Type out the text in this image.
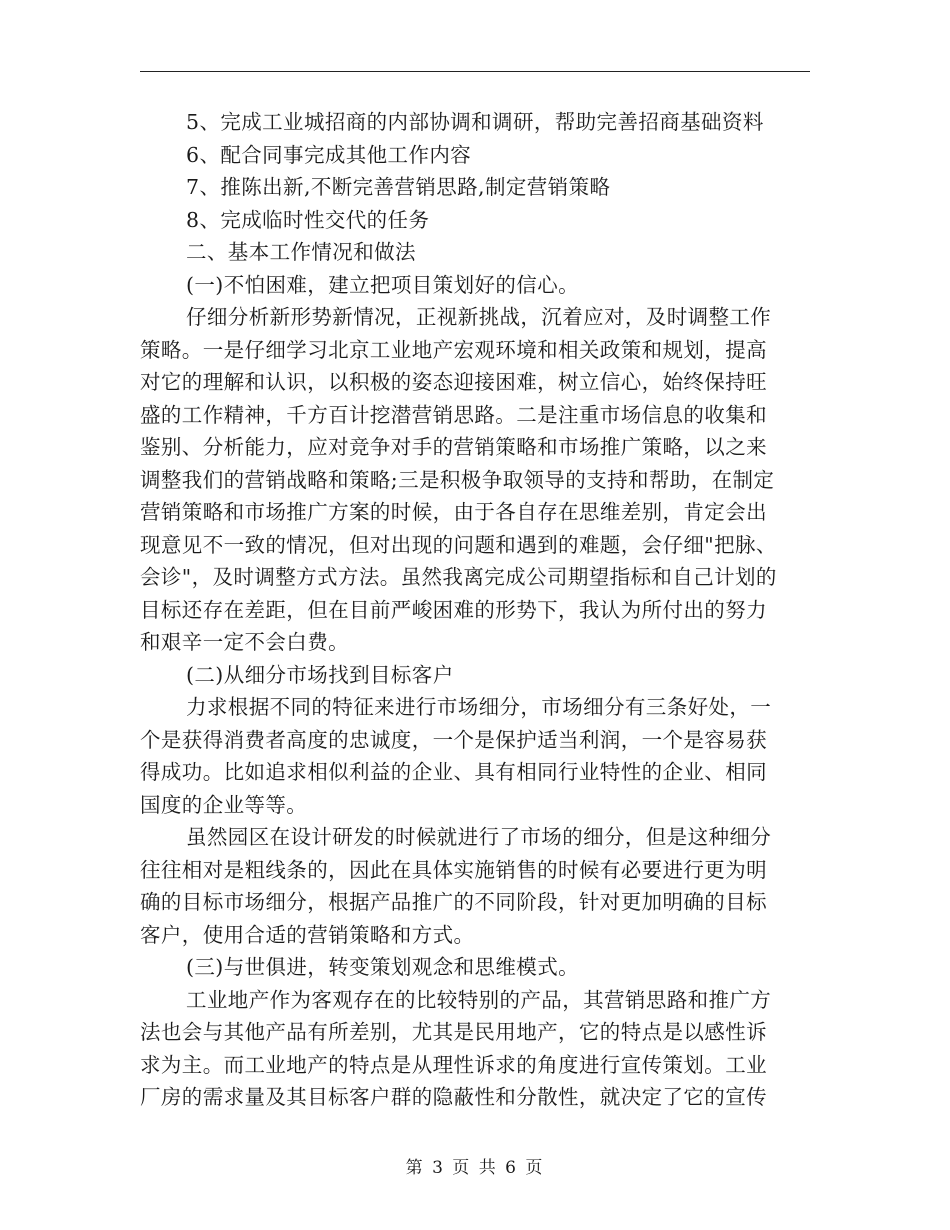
5、完成工业城招商的内部协调和调研，帮助完善招商基础资料
6、配合同事完成其他工作内容
7、推陈出新,不断完善营销思路,制定营销策略
8、完成临时性交代的任务
二、基本工作情况和做法
(一)不怕困难，建立把项目策划好的信心。
仔细分析新形势新情况，正视新挑战，沉着应对，及时调整工作
策略。一是仔细学习北京工业地产宏观环境和相关政策和规划，提高
对它的理解和认识，以积极的姿态迎接困难，树立信心，始终保持旺
盛的工作精神，千方百计挖潜营销思路。二是注重市场信息的收集和
鉴别、分析能力，应对竞争对手的营销策略和市场推广策略，以之来
调整我们的营销战略和策略;三是积极争取领导的支持和帮助，在制定
营销策略和市场推广方案的时候，由于各自存在思维差别，肯定会出
现意见不一致的情况，但对出现的问题和遇到的难题，会仔细"把脉、
会诊"，及时调整方式方法。虽然我离完成公司期望指标和自己计划的
目标还存在差距，但在目前严峻困难的形势下，我认为所付出的努力
和艰辛一定不会白费。
(二)从细分市场找到目标客户
力求根据不同的特征来进行市场细分，市场细分有三条好处，一
个是获得消费者高度的忠诚度，一个是保护适当利润，一个是容易获
得成功。比如追求相似利益的企业、具有相同行业特性的企业、相同
国度的企业等等。
虽然园区在设计研发的时候就进行了市场的细分，但是这种细分
往往相对是粗线条的，因此在具体实施销售的时候有必要进行更为明
确的目标市场细分，根据产品推广的不同阶段，针对更加明确的目标
客户，使用合适的营销策略和方式。
(三)与世俱进，转变策划观念和思维模式。
工业地产作为客观存在的比较特别的产品，其营销思路和推广方
法也会与其他产品有所差别，尤其是民用地产，它的特点是以感性诉
求为主。而工业地产的特点是从理性诉求的角度进行宣传策划。工业
厂房的需求量及其目标客户群的隐蔽性和分散性，就决定了它的宣传
第 3 页 共 6 页
